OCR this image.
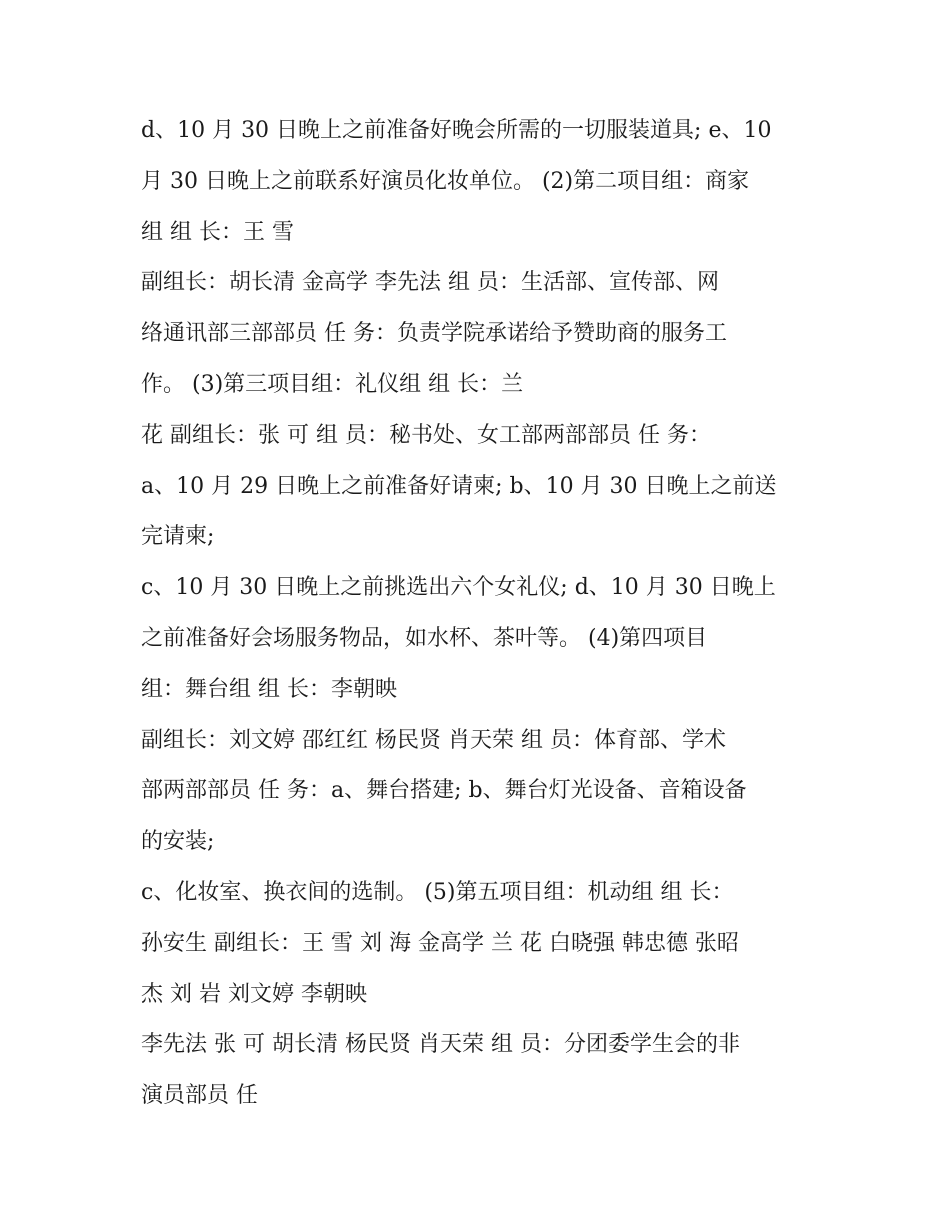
d、10 月 30 日晚上之前准备好晚会所需的一切服装道具; e、10
月 30 日晚上之前联系好演员化妆单位。 (2)第二项目组：商家
组 组 长：王 雪
副组长：胡长清 金高学 李先法 组 员：生活部、宣传部、网
络通讯部三部部员 任 务：负责学院承诺给予赞助商的服务工
作。 (3)第三项目组：礼仪组 组 长：兰
花 副组长：张 可 组 员：秘书处、女工部两部部员 任 务：
a、10 月 29 日晚上之前准备好请柬; b、10 月 30 日晚上之前送
完请柬;
c、10 月 30 日晚上之前挑选出六个女礼仪; d、10 月 30 日晚上
之前准备好会场服务物品，如水杯、茶叶等。 (4)第四项目
组：舞台组 组 长：李朝映
副组长：刘文婷 邵红红 杨民贤 肖天荣 组 员：体育部、学术
部两部部员 任 务：a、舞台搭建; b、舞台灯光设备、音箱设备
的安装;
c、化妆室、换衣间的选制。 (5)第五项目组：机动组 组 长：
孙安生 副组长：王 雪 刘 海 金高学 兰 花 白晓强 韩忠德 张昭
杰 刘 岩 刘文婷 李朝映
李先法 张 可 胡长清 杨民贤 肖天荣 组 员：分团委学生会的非
演员部员 任
